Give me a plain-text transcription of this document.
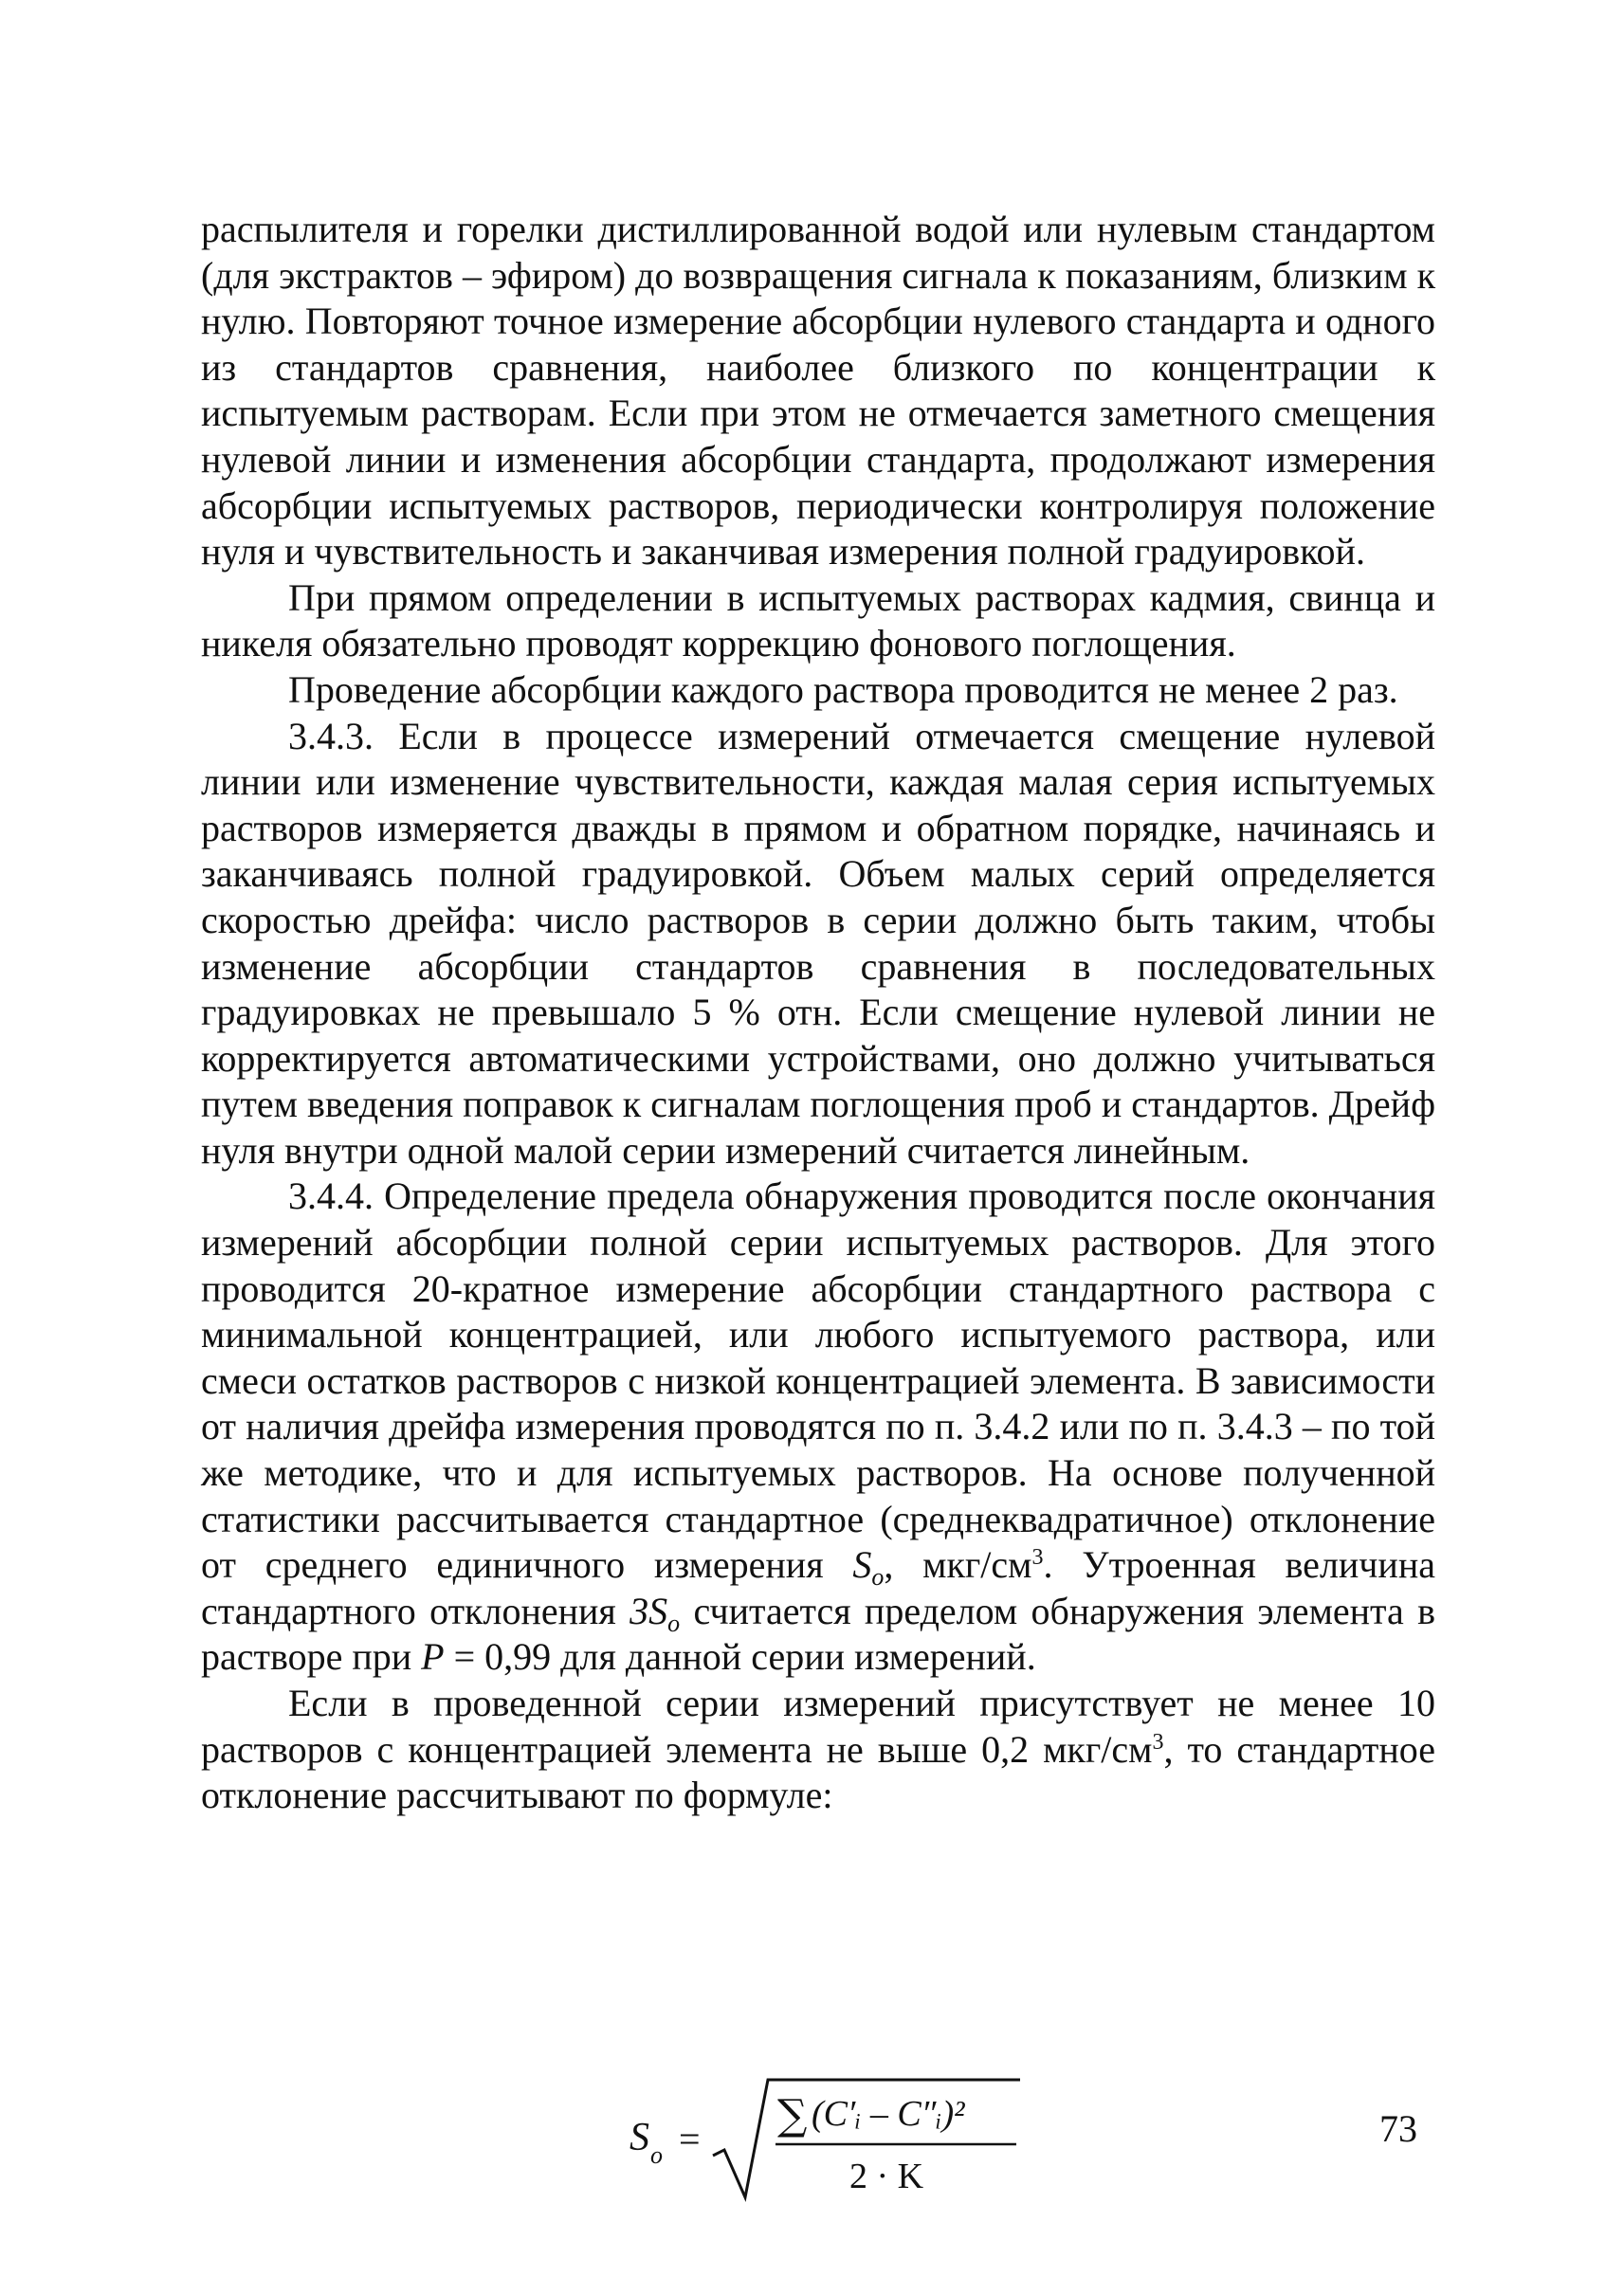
распылителя и горелки дистиллированной водой или нулевым стандартом (для экстрактов – эфиром) до возвращения сигнала к показаниям, близким к нулю. Повторяют точное измерение абсорбции нулевого стандарта и одного из стандартов сравнения, наиболее близкого по концентрации к испытуемым растворам. Если при этом не отмечается заметного смещения нулевой линии и изменения абсорбции стандарта, продолжают измерения абсорбции испытуемых растворов, периодически контролируя положение нуля и чувствительность и заканчивая измерения полной градуировкой.

При прямом определении в испытуемых растворах кадмия, свинца и никеля обязательно проводят коррекцию фонового поглощения.

Проведение абсорбции каждого раствора проводится не менее 2 раз.

3.4.3. Если в процессе измерений отмечается смещение нулевой линии или изменение чувствительности, каждая малая серия испытуемых растворов измеряется дважды в прямом и обратном порядке, начинаясь и заканчиваясь полной градуировкой. Объем малых серий определяется скоростью дрейфа: число растворов в серии должно быть таким, чтобы изменение абсорбции стандартов сравнения в последовательных градуировках не превышало 5 % отн. Если смещение нулевой линии не корректируется автоматическими устройствами, оно должно учитываться путем введения поправок к сигналам поглощения проб и стандартов. Дрейф нуля внутри одной малой серии измерений считается линейным.

3.4.4. Определение предела обнаружения проводится после окончания измерений абсорбции полной серии испытуемых растворов. Для этого проводится 20-кратное измерение абсорбции стандартного раствора с минимальной концентрацией, или любого испытуемого раствора, или смеси остатков растворов с низкой концентрацией элемента. В зависимости от наличия дрейфа измерения проводятся по п. 3.4.2 или по п. 3.4.3 – по той же методике, что и для испытуемых растворов. На основе полученной статистики рассчитывается стандартное (среднеквадратичное) отклонение от среднего единичного измерения $S_o$, мкг/$см^3$. Утроенная величина стандартного отклонения $3S_o$ считается пределом обнаружения элемента в растворе при P = 0,99 для данной серии измерений.

Если в проведенной серии измерений присутствует не менее 10 растворов с концентрацией элемента не выше 0,2 мкг/$см^3$, то стандартное отклонение рассчитывают по формуле:

S o = ∑ (C′ᵢ – C″ᵢ)²
2 · K
73
